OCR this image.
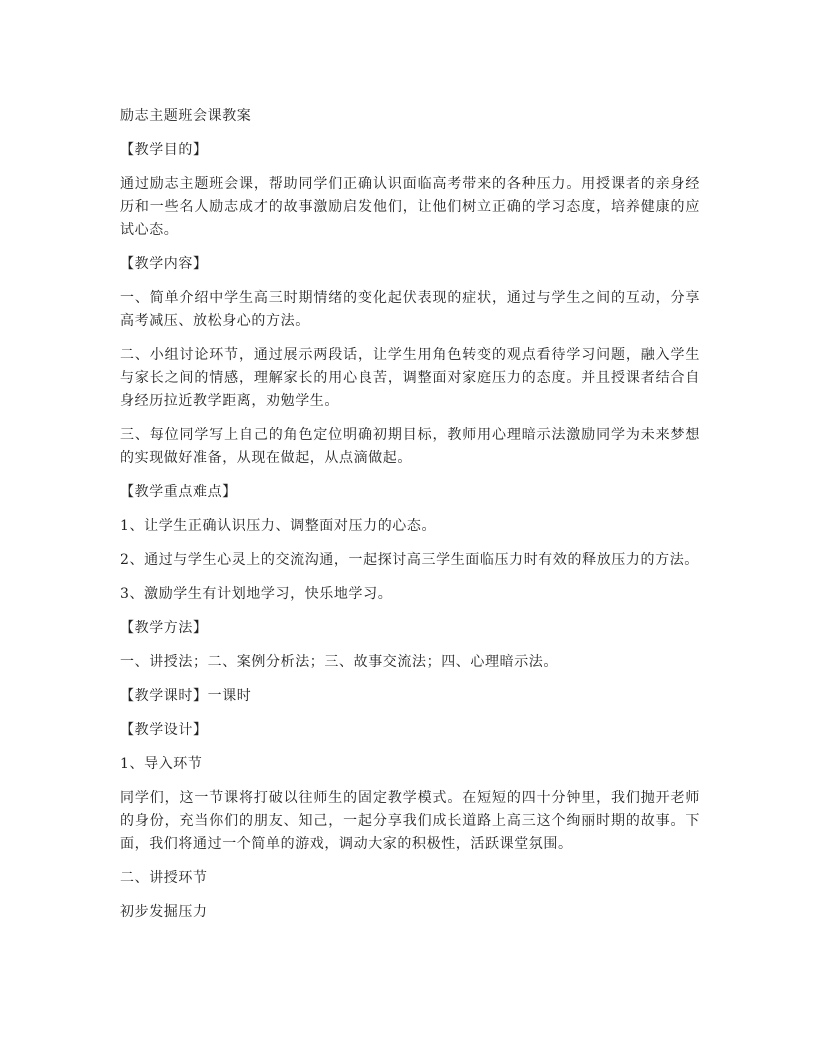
励志主题班会课教案

【教学目的】

通过励志主题班会课，帮助同学们正确认识面临高考带来的各种压力。用授课者的亲身经历和一些名人励志成才的故事激励启发他们，让他们树立正确的学习态度，培养健康的应试心态。

【教学内容】

一、简单介绍中学生高三时期情绪的变化起伏表现的症状，通过与学生之间的互动，分享高考减压、放松身心的方法。

二、小组讨论环节，通过展示两段话，让学生用角色转变的观点看待学习问题，融入学生与家长之间的情感，理解家长的用心良苦，调整面对家庭压力的态度。并且授课者结合自身经历拉近教学距离，劝勉学生。

三、每位同学写上自己的角色定位明确初期目标，教师用心理暗示法激励同学为未来梦想的实现做好准备，从现在做起，从点滴做起。

【教学重点难点】

1、让学生正确认识压力、调整面对压力的心态。

2、通过与学生心灵上的交流沟通，一起探讨高三学生面临压力时有效的释放压力的方法。

3、激励学生有计划地学习，快乐地学习。

【教学方法】

一、讲授法；二、案例分析法；三、故事交流法；四、心理暗示法。

【教学课时】一课时

【教学设计】

1、导入环节

同学们，这一节课将打破以往师生的固定教学模式。在短短的四十分钟里，我们抛开老师的身份，充当你们的朋友、知己，一起分享我们成长道路上高三这个绚丽时期的故事。下面，我们将通过一个简单的游戏，调动大家的积极性，活跃课堂氛围。

二、讲授环节

初步发掘压力
